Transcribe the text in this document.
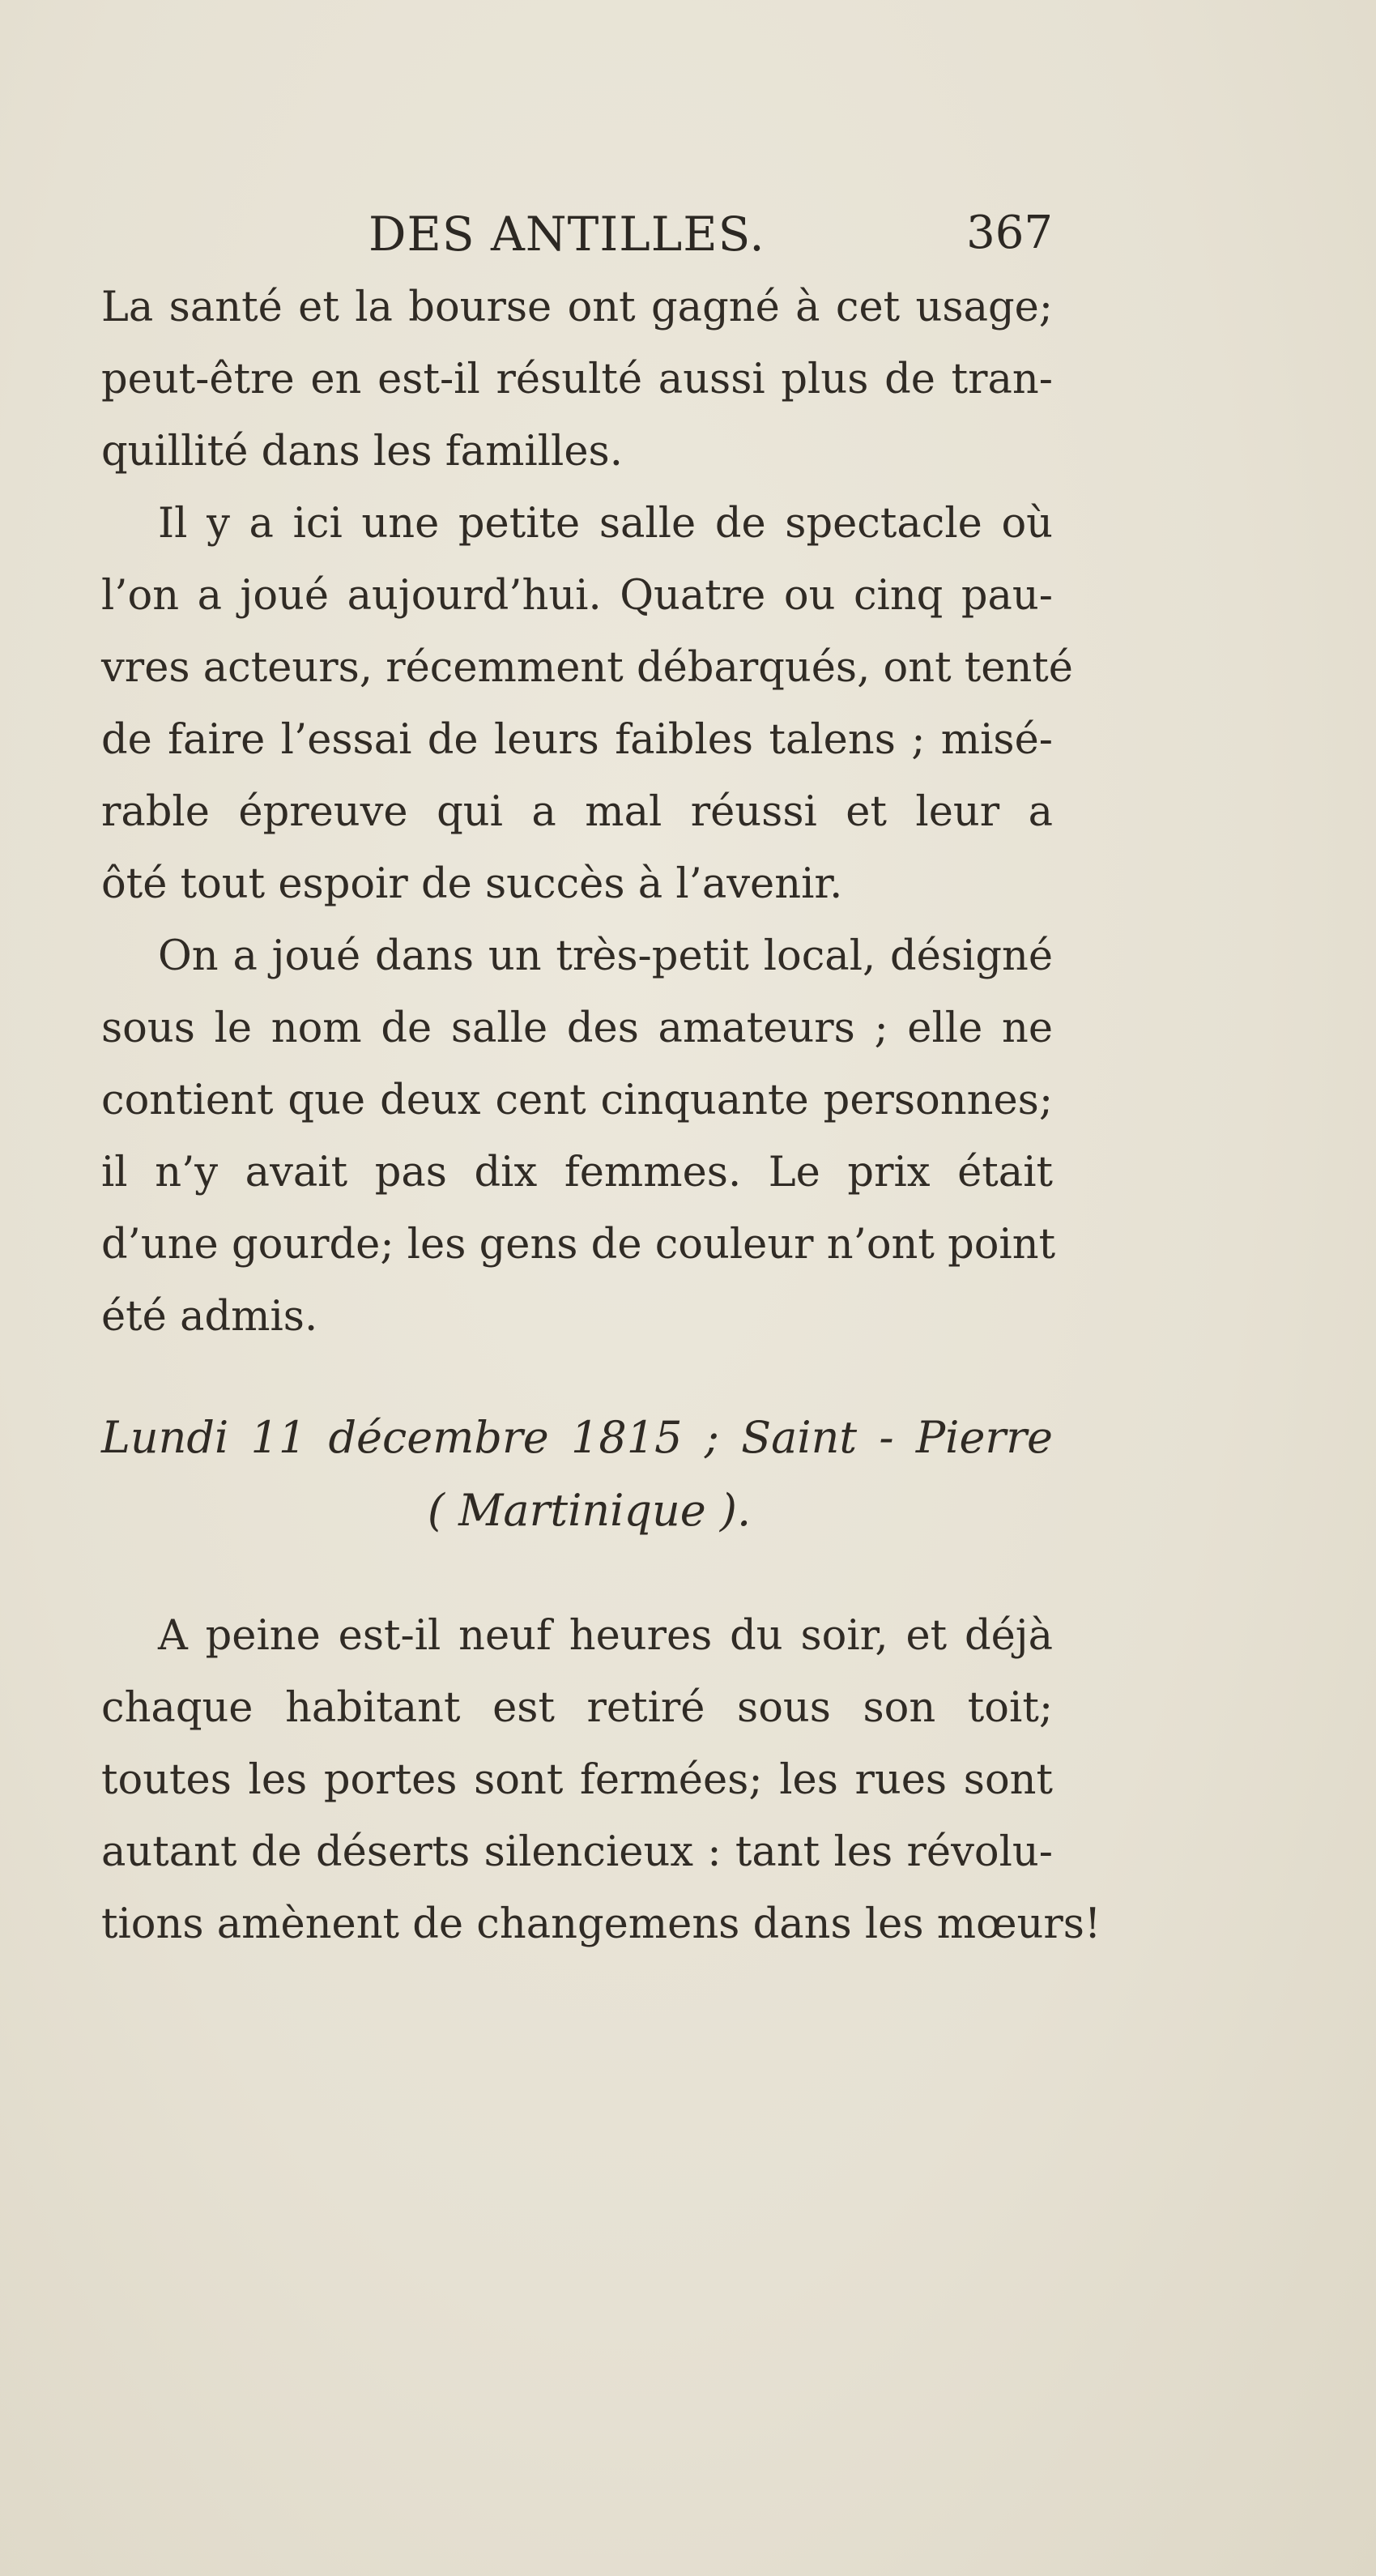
DES ANTILLES.	367

La santé et la bourse ont gagné à cet usage;
peut-être en est-il résulté aussi plus de tran-
quillité dans les familles.

Il y a ici une petite salle de spectacle où
l’on a joué aujourd’hui. Quatre ou cinq pau-
vres acteurs, récemment débarqués, ont tenté
de faire l’essai de leurs faibles talens ; misé-
rable épreuve qui a mal réussi et leur a
ôté tout espoir de succès à l’avenir.

On a joué dans un très-petit local, désigné
sous le nom de salle des amateurs ; elle ne
contient que deux cent cinquante personnes;
il n’y avait pas dix femmes. Le prix était
d’une gourde; les gens de couleur n’ont point
été admis.

Lundi 11 décembre 1815 ; Saint - Pierre
( Martinique ).

A peine est-il neuf heures du soir, et déjà
chaque habitant est retiré sous son toit;
toutes les portes sont fermées; les rues sont
autant de déserts silencieux : tant les révolu-
tions amènent de changemens dans les mœurs!
